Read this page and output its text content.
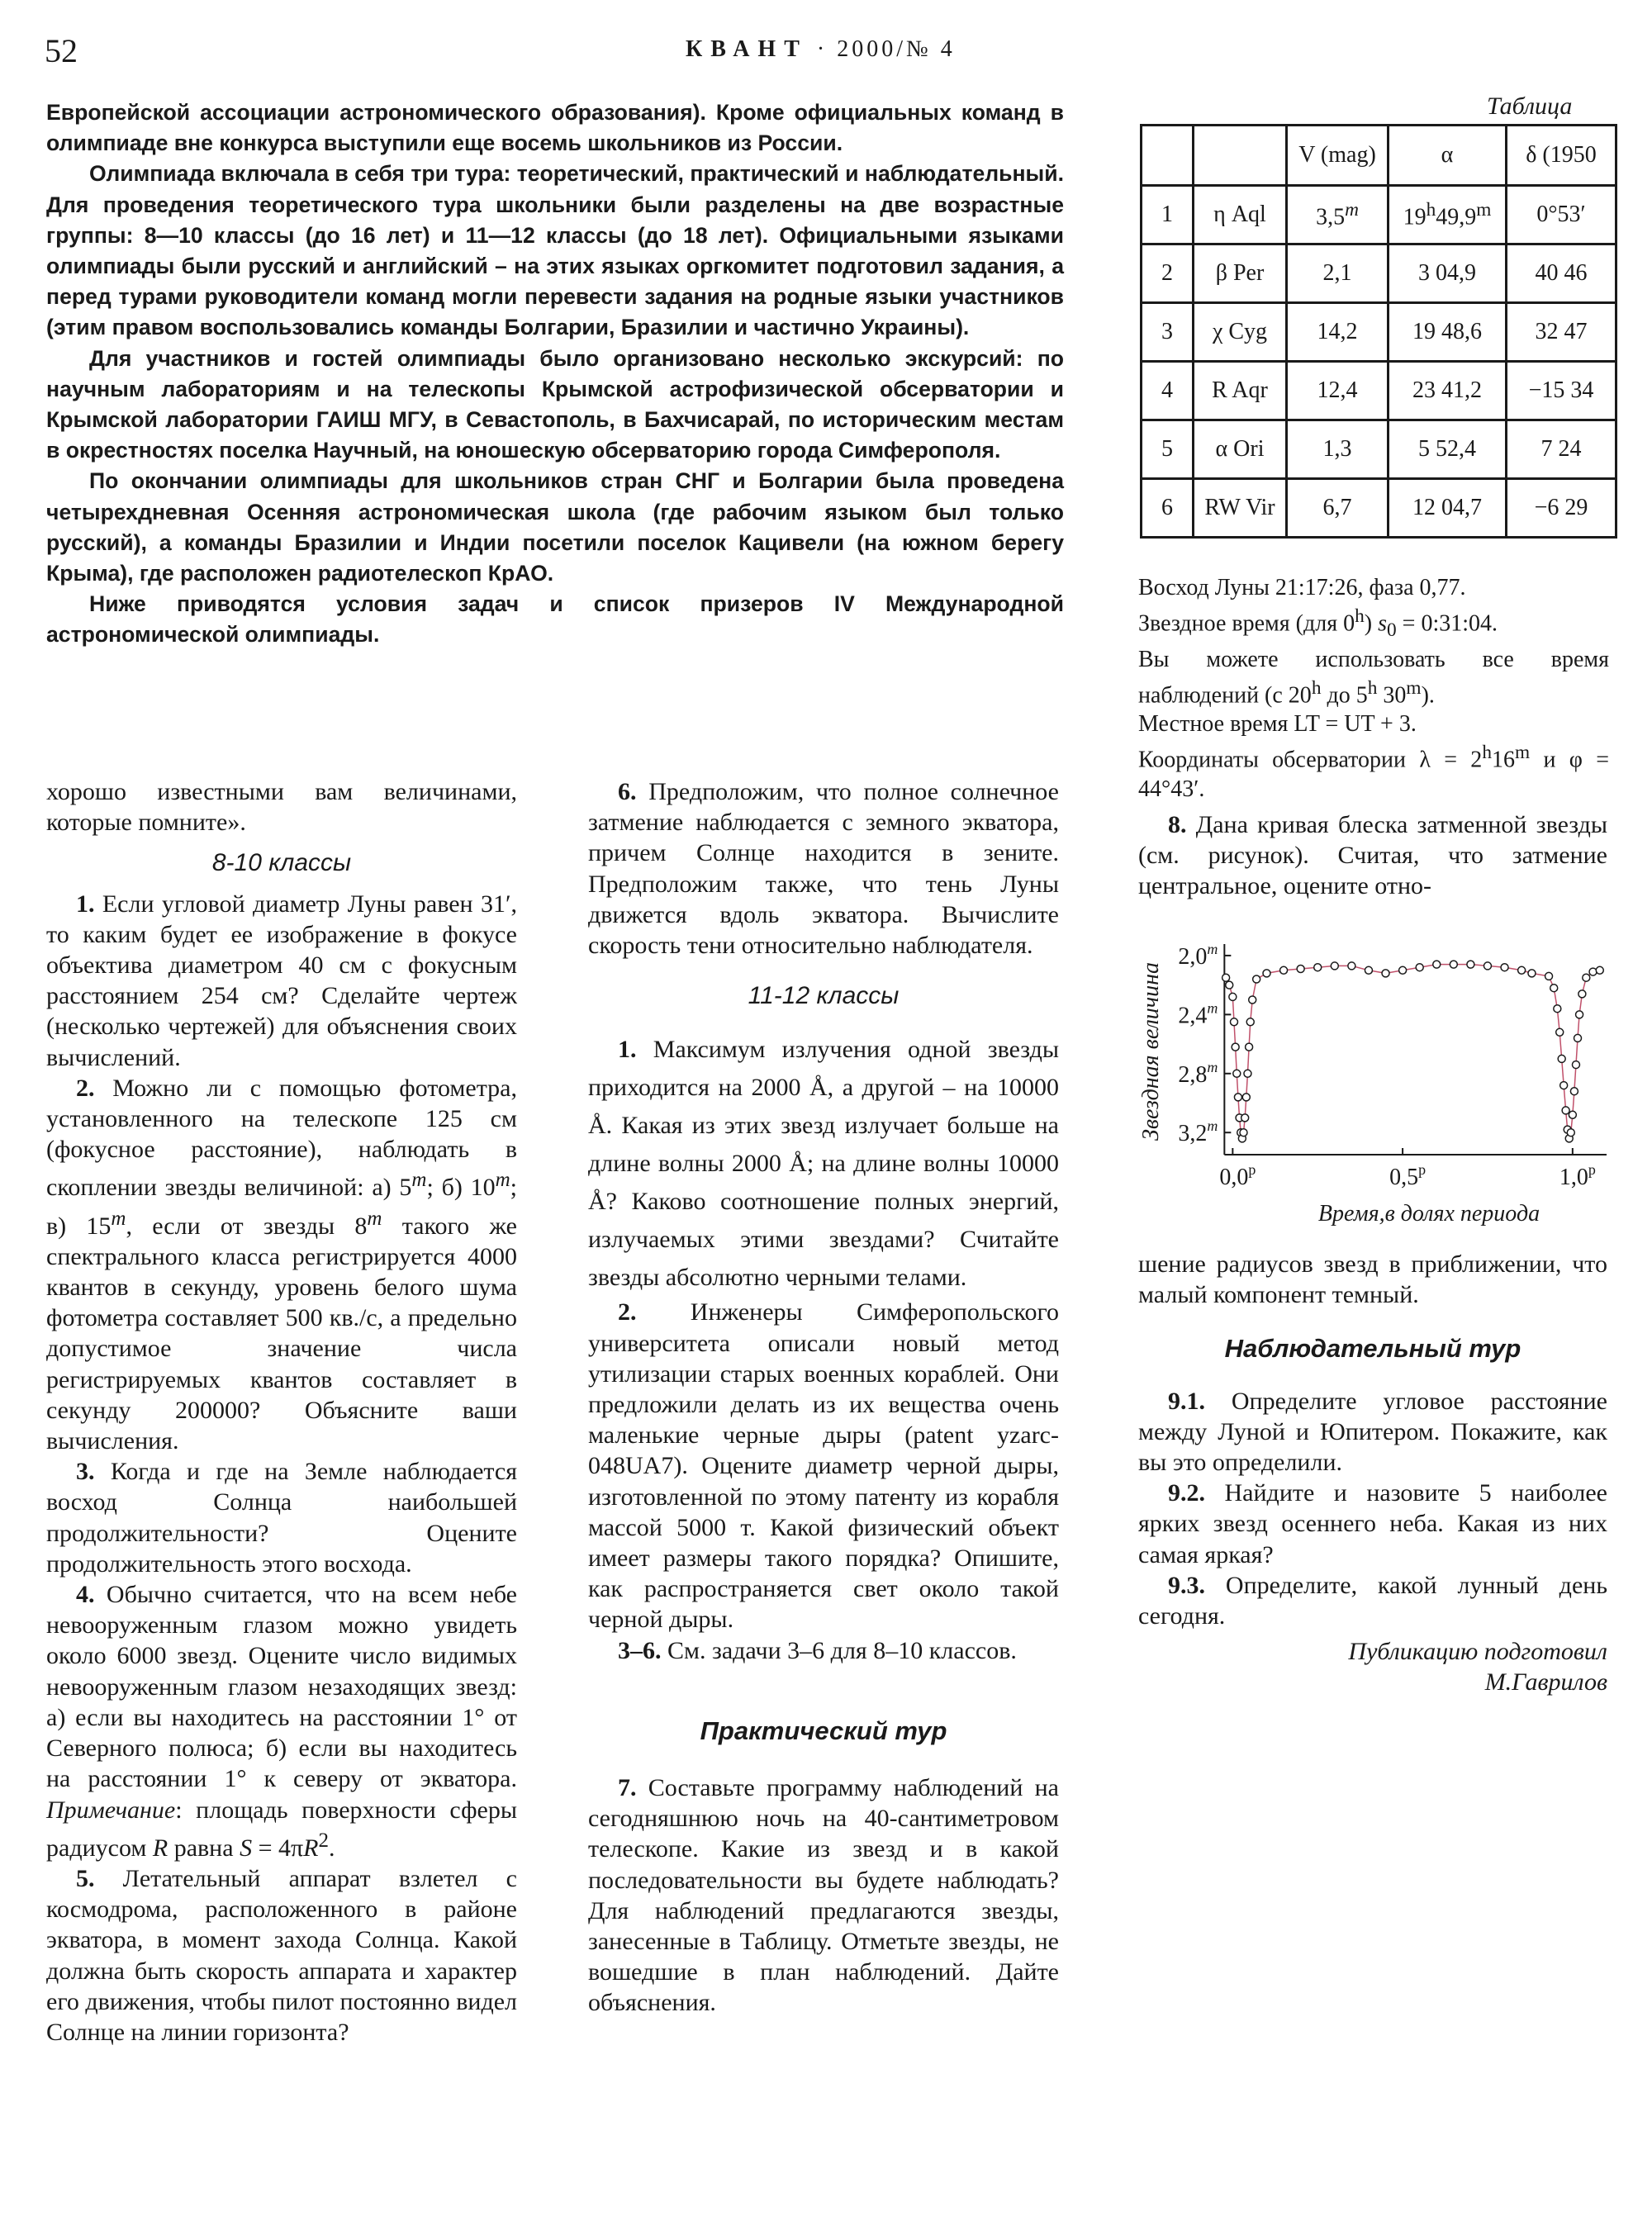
52	КВАНТ · 2000/№ 4

Европейской ассоциации астрономического образования). Кроме официальных команд в олимпиаде вне конкурса выступили еще восемь школьников из России.

Олимпиада включала в себя три тура: теоретический, практический и наблюдательный. Для проведения теоретического тура школьники были разделены на две возрастные группы: 8—10 классы (до 16 лет) и 11—12 классы (до 18 лет). Официальными языками олимпиады были русский и английский – на этих языках оргкомитет подготовил задания, а перед турами руководители команд могли перевести задания на родные языки участников (этим правом воспользовались команды Болгарии, Бразилии и частично Украины).

Для участников и гостей олимпиады было организовано несколько экскурсий: по научным лабораториям и на телескопы Крымской астрофизической обсерватории и Крымской лаборатории ГАИШ МГУ, в Севастополь, в Бахчисарай, по историческим местам в окрестностях поселка Научный, на юношескую обсерваторию города Симферополя.

По окончании олимпиады для школьников стран СНГ и Болгарии была проведена четырехдневная Осенняя астрономическая школа (где рабочим языком был только русский), а команды Бразилии и Индии посетили поселок Кацивели (на южном берегу Крыма), где расположен радиотелескоп КрАО.

Ниже приводятся условия задач и список призеров IV Международной астрономической олимпиады.

хорошо известными вам величинами, которые помните».

8-10 классы

1. Если угловой диаметр Луны равен 31′, то каким будет ее изображение в фокусе объектива диаметром 40 см с фокусным расстоянием 254 см? Сделайте чертеж (несколько чертежей) для объяснения своих вычислений.

2. Можно ли с помощью фотометра, установленного на телескопе 125 см (фокусное расстояние), наблюдать в скоплении звезды величиной: а) 5$^m$; б) 10$^m$; в) 15$^m$, если от звезды 8$^m$ такого же спектрального класса регистрируется 4000 квантов в секунду, уровень белого шума фотометра составляет 500 кв./с, а предельно допустимое значение числа регистрируемых квантов составляет в секунду 200000? Объясните ваши вычисления.

3. Когда и где на Земле наблюдается восход Солнца наибольшей продолжительности? Оцените продолжительность этого восхода.

4. Обычно считается, что на всем небе невооруженным глазом можно увидеть около 6000 звезд. Оцените число видимых невооруженным глазом незаходящих звезд: а) если вы находитесь на расстоянии 1° от Северного полюса; б) если вы находитесь на расстоянии 1° к северу от экватора. Примечание: площадь поверхности сферы радиусом R равна $S = 4\pi R^2$.

5. Летательный аппарат взлетел с космодрома, расположенного в районе экватора, в момент захода Солнца. Какой должна быть скорость аппарата и характер его движения, чтобы пилот постоянно видел Солнце на линии горизонта?

6. Предположим, что полное солнечное затмение наблюдается с земного экватора, причем Солнце находится в зените. Предположим также, что тень Луны движется вдоль экватора. Вычислите скорость тени относительно наблюдателя.

11-12 классы

1. Максимум излучения одной звезды приходится на 2000 Å, а другой – на 10000 Å. Какая из этих звезд излучает больше на длине волны 2000 Å; на длине волны 10000 Å? Каково соотношение полных энергий, излучаемых этими звездами? Считайте звезды абсолютно черными телами.

2. Инженеры Симферопольского университета описали новый метод утилизации старых военных кораблей. Они предложили делать из их вещества очень маленькие черные дыры (patent yzarc-048UA7). Оцените диаметр черной дыры, изготовленной по этому патенту из корабля массой 5000 т. Какой физический объект имеет размеры такого порядка? Опишите, как распространяется свет около такой черной дыры.

3–6. См. задачи 3–6 для 8–10 классов.

Практический тур

7. Составьте программу наблюдений на сегодняшнюю ночь на 40-сантиметровом телескопе. Какие из звезд и в какой последовательности вы будете наблюдать? Для наблюдений предлагаются звезды, занесенные в Таблицу. Отметьте звезды, не вошедшие в план наблюдений. Дайте объяснения.

Таблица
		V (mag)	α	δ (1950
1	η Aql	3,5$^m$	19$^h$49,9$^m$	0°53′
2	β Per	2,1	3 04,9	40 46
3	χ Cyg	14,2	19 48,6	32 47
4	R Aqr	12,4	23 41,2	−15 34
5	α Ori	1,3	5 52,4	7 24
6	RW Vir	6,7	12 04,7	−6 29

Восход Луны 21:17:26, фаза 0,77.

Звездное время (для 0$^h$) $s_0$ = 0:31:04.

Вы можете использовать все время наблюдений (с 20$^h$ до 5$^h$ 30$^m$).

Местное время LT = UT + 3.

Координаты обсерватории $\lambda = 2^h16^m$ и φ = 44°43′.

8. Дана кривая блеска затменной звезды (см. рисунок). Считая, что затмение центральное, оцените отно-

2,0$^m$
2,4$^m$
2,8$^m$
3,2$^m$
0,0$^p$	0,5$^p$	1,0$^p$
Время,в долях периода
Звездная величина

шение радиусов звезд в приближении, что малый компонент темный.

Наблюдательный тур

9.1. Определите угловое расстояние между Луной и Юпитером. Покажите, как вы это определили.

9.2. Найдите и назовите 5 наиболее ярких звезд осеннего неба. Какая из них самая яркая?

9.3. Определите, какой лунный день сегодня.

Публикацию подготовил

М.Гаврилов
